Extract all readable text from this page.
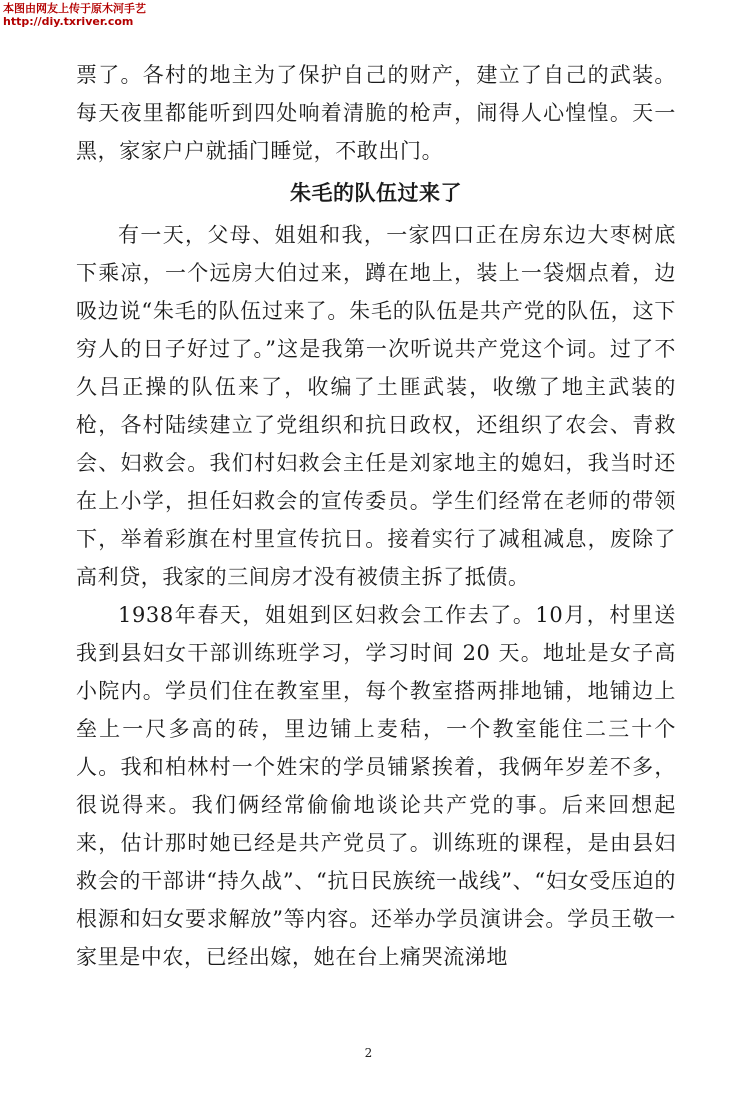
本图由网友上传于原木河手艺
http://diy.txriver.com

票了。各村的地主为了保护自己的财产，建立了自己的武装。每天夜里都能听到四处响着清脆的枪声，闹得人心惶惶。天一黑，家家户户就插门睡觉，不敢出门。

朱毛的队伍过来了

有一天，父母、姐姐和我，一家四口正在房东边大枣树底下乘凉，一个远房大伯过来，蹲在地上，装上一袋烟点着，边吸边说“朱毛的队伍过来了。朱毛的队伍是共产党的队伍，这下穷人的日子好过了。”这是我第一次听说共产党这个词。过了不久吕正操的队伍来了，收编了土匪武装，收缴了地主武装的枪，各村陆续建立了党组织和抗日政权，还组织了农会、青救会、妇救会。我们村妇救会主任是刘家地主的媳妇，我当时还在上小学，担任妇救会的宣传委员。学生们经常在老师的带领下，举着彩旗在村里宣传抗日。接着实行了减租减息，废除了高利贷，我家的三间房才没有被债主拆了抵债。

1938年春天，姐姐到区妇救会工作去了。10月，村里送我到县妇女干部训练班学习，学习时间 20 天。地址是女子高小院内。学员们住在教室里，每个教室搭两排地铺，地铺边上垒上一尺多高的砖，里边铺上麦秸，一个教室能住二三十个人。我和柏林村一个姓宋的学员铺紧挨着，我俩年岁差不多，很说得来。我们俩经常偷偷地谈论共产党的事。后来回想起来，估计那时她已经是共产党员了。训练班的课程，是由县妇救会的干部讲“持久战”、“抗日民族统一战线”、“妇女受压迫的根源和妇女要求解放”等内容。还举办学员演讲会。学员王敬一家里是中农，已经出嫁，她在台上痛哭流涕地

2
